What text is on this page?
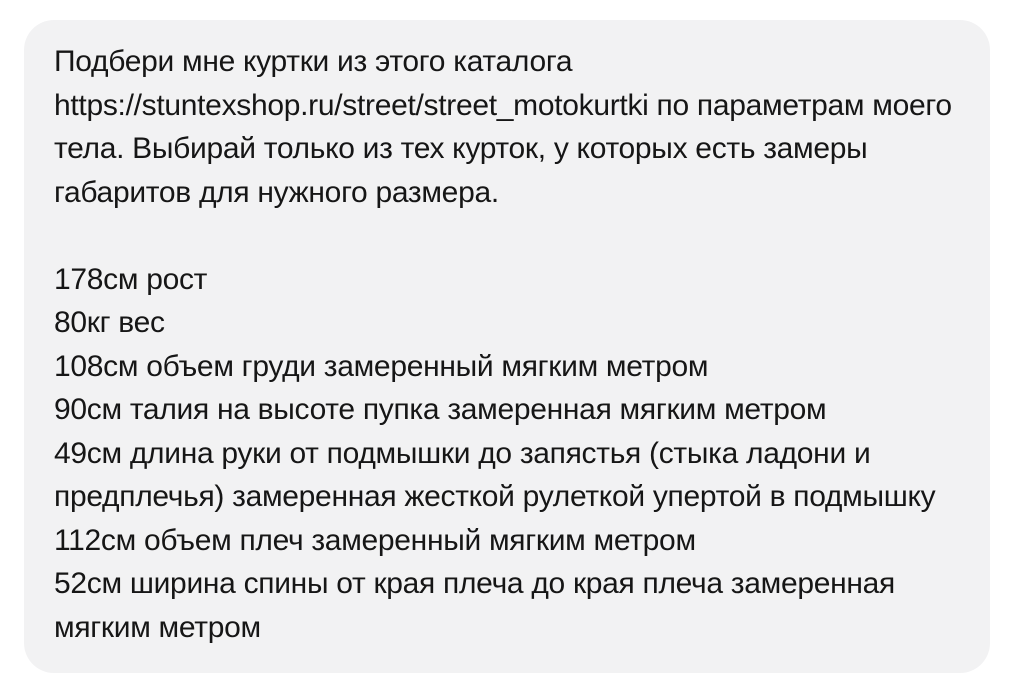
Подбери мне куртки из этого каталога https://stuntexshop.ru/street/street_motokurtki по параметрам моего тела. Выбирай только из тех курток, у которых есть замеры габаритов для нужного размера.
178см рост
80кг вес
108см объем груди замеренный мягким метром
90см талия на высоте пупка замеренная мягким метром
49см длина руки от подмышки до запястья (стыка ладони и предплечья) замеренная жесткой рулеткой упертой в подмышку
112см объем плеч замеренный мягким метром
52см ширина спины от края плеча до края плеча замеренная мягким метром
